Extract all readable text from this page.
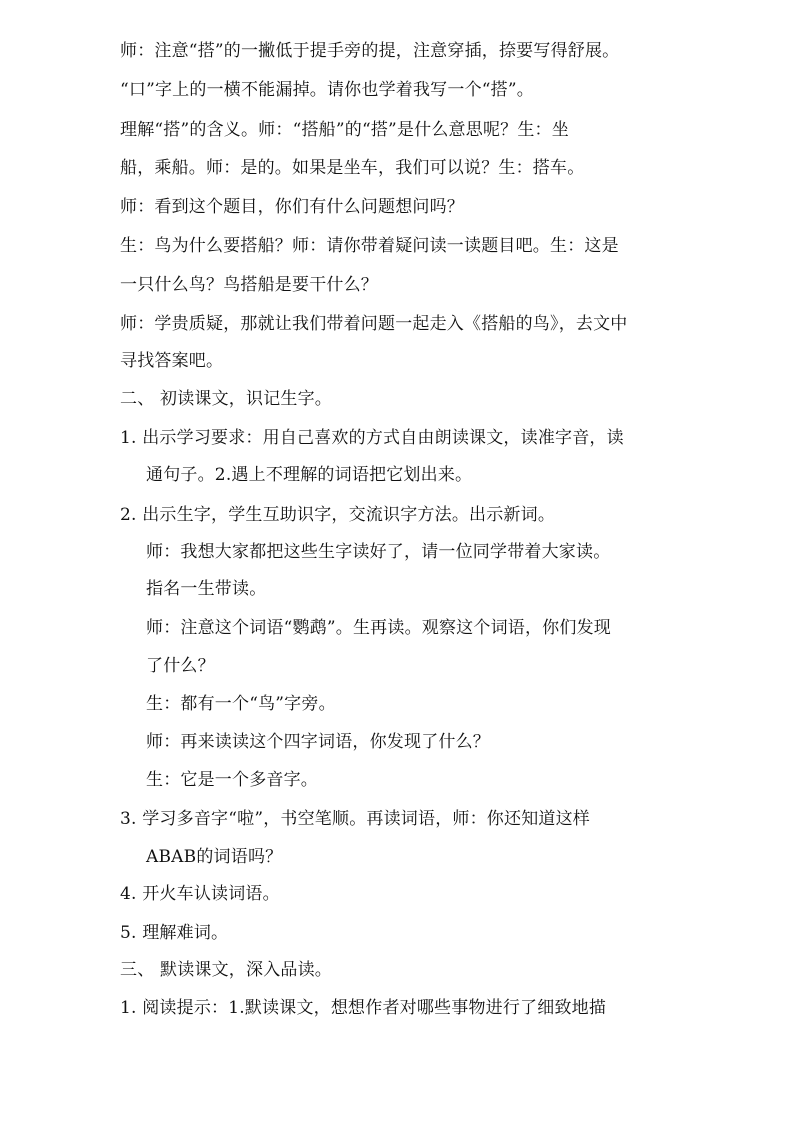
师：注意“搭”的一撇低于提手旁的提，注意穿插，捺要写得舒展。
“口”字上的一横不能漏掉。请你也学着我写一个“搭”。
理解“搭”的含义。师：“搭船”的“搭”是什么意思呢？生：坐
船，乘船。师：是的。如果是坐车，我们可以说？生：搭车。
师：看到这个题目，你们有什么问题想问吗？
生：鸟为什么要搭船？师：请你带着疑问读一读题目吧。生：这是
一只什么鸟？鸟搭船是要干什么？
师：学贵质疑，那就让我们带着问题一起走入《搭船的鸟》，去文中
寻找答案吧。
二、 初读课文，识记生字。
1. 出示学习要求：用自己喜欢的方式自由朗读课文，读准字音，读
通句子。2.遇上不理解的词语把它划出来。
2. 出示生字，学生互助识字，交流识字方法。出示新词。
师：我想大家都把这些生字读好了，请一位同学带着大家读。
指名一生带读。
师：注意这个词语“鹦鹉”。生再读。观察这个词语，你们发现
了什么？
生：都有一个“鸟”字旁。
师：再来读读这个四字词语，你发现了什么？
生：它是一个多音字。
3. 学习多音字“啦”，书空笔顺。再读词语，师：你还知道这样
ABAB的词语吗？
4. 开火车认读词语。
5. 理解难词。
三、 默读课文，深入品读。
1. 阅读提示：1.默读课文，想想作者对哪些事物进行了细致地描
